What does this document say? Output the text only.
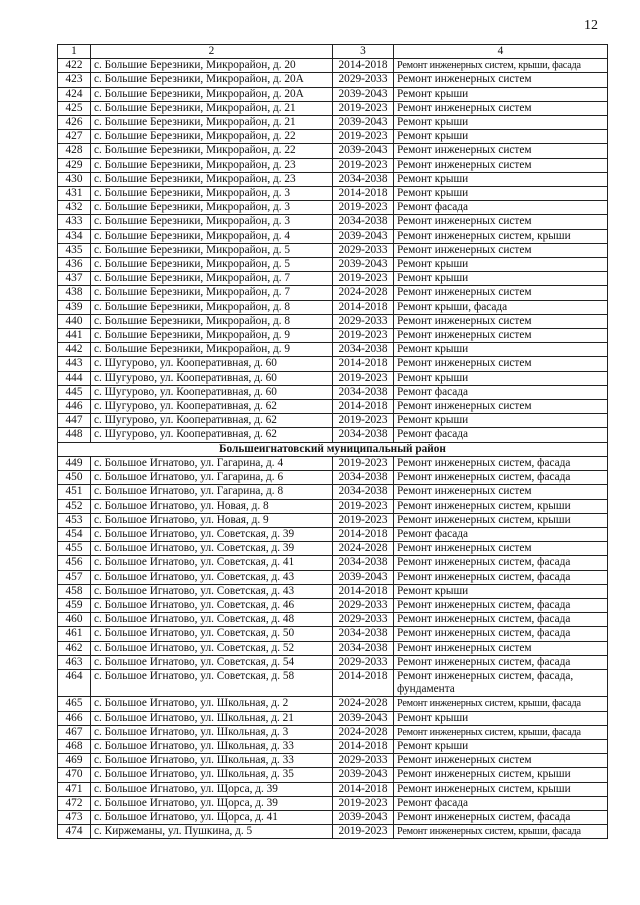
12
1	2	3	4
422	с. Большие Березники, Микрорайон, д. 20	2014-2018	Ремонт инженерных систем, крыши, фасада
423	с. Большие Березники, Микрорайон, д. 20А	2029-2033	Ремонт инженерных систем
424	с. Большие Березники, Микрорайон, д. 20А	2039-2043	Ремонт крыши
425	с. Большие Березники, Микрорайон, д. 21	2019-2023	Ремонт инженерных систем
426	с. Большие Березники, Микрорайон, д. 21	2039-2043	Ремонт крыши
427	с. Большие Березники, Микрорайон, д. 22	2019-2023	Ремонт крыши
428	с. Большие Березники, Микрорайон, д. 22	2039-2043	Ремонт инженерных систем
429	с. Большие Березники, Микрорайон, д. 23	2019-2023	Ремонт инженерных систем
430	с. Большие Березники, Микрорайон, д. 23	2034-2038	Ремонт крыши
431	с. Большие Березники, Микрорайон, д. 3	2014-2018	Ремонт крыши
432	с. Большие Березники, Микрорайон, д. 3	2019-2023	Ремонт фасада
433	с. Большие Березники, Микрорайон, д. 3	2034-2038	Ремонт инженерных систем
434	с. Большие Березники, Микрорайон, д. 4	2039-2043	Ремонт инженерных систем, крыши
435	с. Большие Березники, Микрорайон, д. 5	2029-2033	Ремонт инженерных систем
436	с. Большие Березники, Микрорайон, д. 5	2039-2043	Ремонт крыши
437	с. Большие Березники, Микрорайон, д. 7	2019-2023	Ремонт крыши
438	с. Большие Березники, Микрорайон, д. 7	2024-2028	Ремонт инженерных систем
439	с. Большие Березники, Микрорайон, д. 8	2014-2018	Ремонт крыши, фасада
440	с. Большие Березники, Микрорайон, д. 8	2029-2033	Ремонт инженерных систем
441	с. Большие Березники, Микрорайон, д. 9	2019-2023	Ремонт инженерных систем
442	с. Большие Березники, Микрорайон, д. 9	2034-2038	Ремонт крыши
443	с. Шугурово, ул. Кооперативная, д. 60	2014-2018	Ремонт инженерных систем
444	с. Шугурово, ул. Кооперативная, д. 60	2019-2023	Ремонт крыши
445	с. Шугурово, ул. Кооперативная, д. 60	2034-2038	Ремонт фасада
446	с. Шугурово, ул. Кооперативная, д. 62	2014-2018	Ремонт инженерных систем
447	с. Шугурово, ул. Кооперативная, д. 62	2019-2023	Ремонт крыши
448	с. Шугурово, ул. Кооперативная, д. 62	2034-2038	Ремонт фасада
Большеигнатовский муниципальный район			
449	с. Большое Игнатово, ул. Гагарина, д. 4	2019-2023	Ремонт инженерных систем, фасада
450	с. Большое Игнатово, ул. Гагарина, д. 6	2034-2038	Ремонт инженерных систем, фасада
451	с. Большое Игнатово, ул. Гагарина, д. 8	2034-2038	Ремонт инженерных систем
452	с. Большое Игнатово, ул. Новая, д. 8	2019-2023	Ремонт инженерных систем, крыши
453	с. Большое Игнатово, ул. Новая, д. 9	2019-2023	Ремонт инженерных систем, крыши
454	с. Большое Игнатово, ул. Советская, д. 39	2014-2018	Ремонт фасада
455	с. Большое Игнатово, ул. Советская, д. 39	2024-2028	Ремонт инженерных систем
456	с. Большое Игнатово, ул. Советская, д. 41	2034-2038	Ремонт инженерных систем, фасада
457	с. Большое Игнатово, ул. Советская, д. 43	2039-2043	Ремонт инженерных систем, фасада
458	с. Большое Игнатово, ул. Советская, д. 43	2014-2018	Ремонт крыши
459	с. Большое Игнатово, ул. Советская, д. 46	2029-2033	Ремонт инженерных систем, фасада
460	с. Большое Игнатово, ул. Советская, д. 48	2029-2033	Ремонт инженерных систем, фасада
461	с. Большое Игнатово, ул. Советская, д. 50	2034-2038	Ремонт инженерных систем, фасада
462	с. Большое Игнатово, ул. Советская, д. 52	2034-2038	Ремонт инженерных систем
463	с. Большое Игнатово, ул. Советская, д. 54	2029-2033	Ремонт инженерных систем, фасада
464	с. Большое Игнатово, ул. Советская, д. 58	2014-2018	Ремонт инженерных систем, фасада, фундамента
465	с. Большое Игнатово, ул. Школьная, д. 2	2024-2028	Ремонт инженерных систем, крыши, фасада
466	с. Большое Игнатово, ул. Школьная, д. 21	2039-2043	Ремонт крыши
467	с. Большое Игнатово, ул. Школьная, д. 3	2024-2028	Ремонт инженерных систем, крыши, фасада
468	с. Большое Игнатово, ул. Школьная, д. 33	2014-2018	Ремонт крыши
469	с. Большое Игнатово, ул. Школьная, д. 33	2029-2033	Ремонт инженерных систем
470	с. Большое Игнатово, ул. Школьная, д. 35	2039-2043	Ремонт инженерных систем, крыши
471	с. Большое Игнатово, ул. Щорса, д. 39	2014-2018	Ремонт инженерных систем, крыши
472	с. Большое Игнатово, ул. Щорса, д. 39	2019-2023	Ремонт фасада
473	с. Большое Игнатово, ул. Щорса, д. 41	2039-2043	Ремонт инженерных систем, фасада
474	с. Киржеманы, ул. Пушкина, д. 5	2019-2023	Ремонт инженерных систем, крыши, фасада
